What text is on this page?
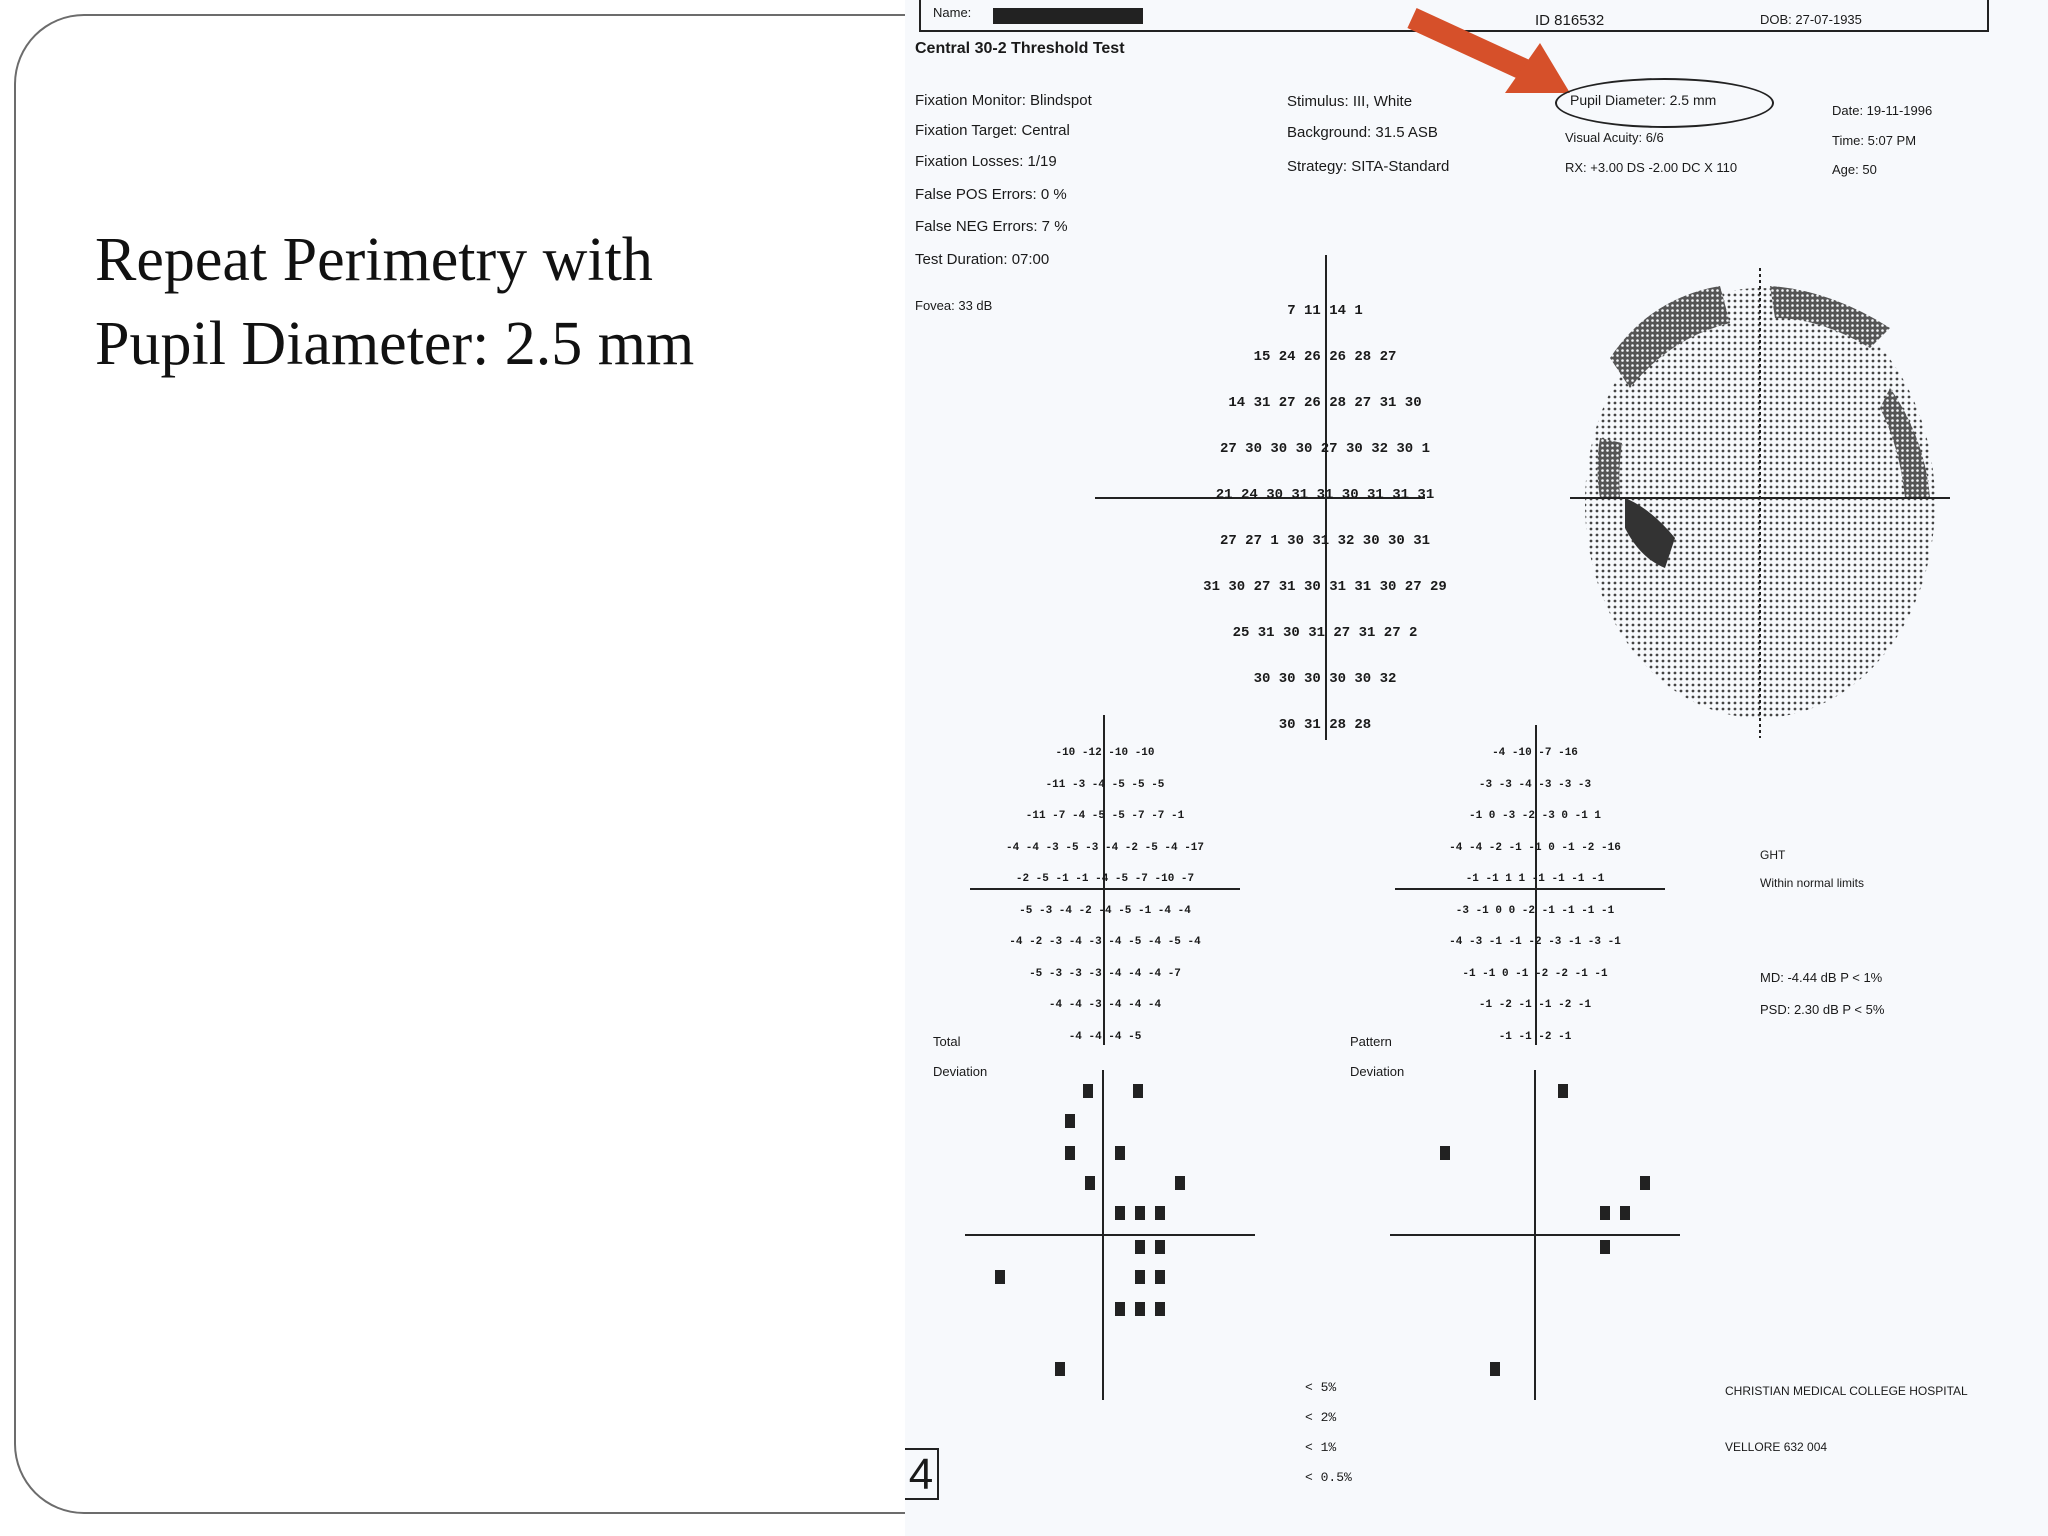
Repeat Perimetry with
Pupil Diameter: 2.5 mm
Name:	ID 816532	DOB: 27-07-1935
Central 30-2 Threshold Test
Fixation Monitor: Blindspot
Fixation Target: Central
Fixation Losses: 1/19
False POS Errors: 0 %
False NEG Errors: 7 %
Test Duration: 07:00
Fovea: 33 dB
Stimulus: III, White
Background: 31.5 ASB
Strategy: SITA-Standard
Pupil Diameter: 2.5 mm
Visual Acuity: 6/6
RX: +3.00 DS -2.00 DC X 110
Date: 19-11-1996
Time: 5:07 PM
Age: 50
7 11 14 1
15 24 26 26 28 27
14 31 27 26 28 27 31 30
27 30 30 30 27 30 32 30 1
21 24 30 31 31 30 31 31 31
27 27 1 30 31 32 30 30 31
31 30 27 31 30 31 31 30 27 29
25 31 30 31 27 31 27 2
30 30 30 30 30 32
30 31 28 28
-10 -12 -10 -10
-11 -3 -4 -5 -5 -5
-11 -7 -4 -5 -5 -7 -7 -1
-4 -4 -3 -5 -3 -4 -2 -5 -4 -17
-2 -5 -1 -1 -4 -5 -7 -10 -7
-5 -3 -4 -2 -4 -5 -1 -4 -4
-4 -2 -3 -4 -3 -4 -5 -4 -5 -4
-5 -3 -3 -3 -4 -4 -4 -7
-4 -4 -3 -4 -4 -4
-4 -4 -4 -5
-4 -10 -7 -16
-3 -3 -4 -3 -3 -3
-1 0 -3 -2 -3 0 -1 1
-4 -4 -2 -1 -1 0 -1 -2 -16
-1 -1 1 1 -1 -1 -1 -1
-3 -1 0 0 -2 -1 -1 -1 -1
-4 -3 -1 -1 -2 -3 -1 -3 -1
-1 -1 0 -1 -2 -2 -1 -1
-1 -2 -1 -1 -2 -1
-1 -1 -2 -1
GHT
Within normal limits
MD: -4.44 dB P < 1%
PSD: 2.30 dB P < 5%
Total
Deviation
Pattern
Deviation
< 5%
< 2%
< 1%
< 0.5%
CHRISTIAN MEDICAL COLLEGE HOSPITAL
VELLORE 632 004
4
